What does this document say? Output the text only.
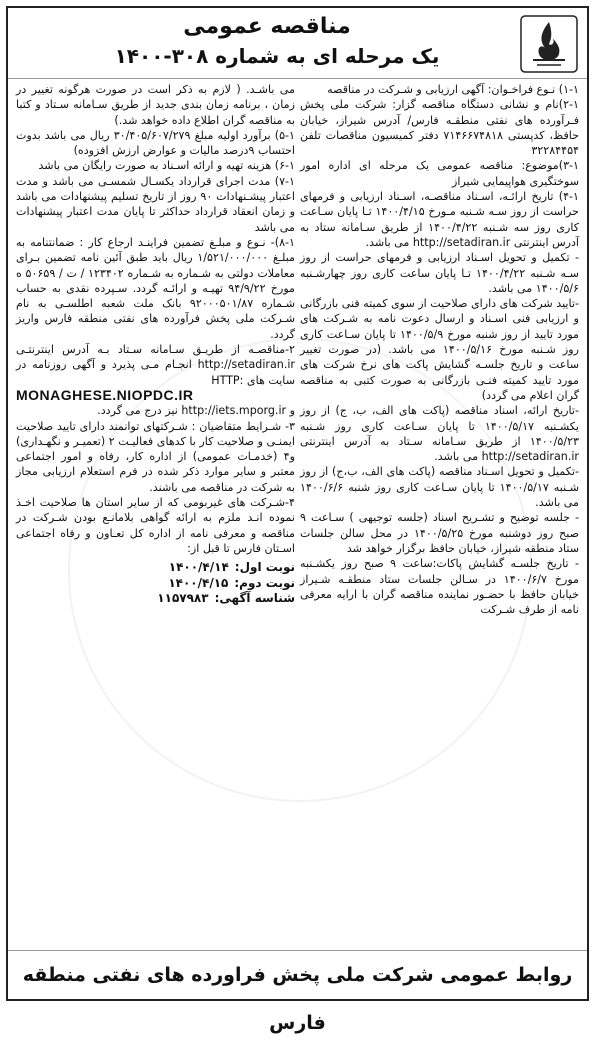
مناقصه عمومی
یک مرحله ای به شماره ۳۰۸-۱۴۰۰

۱-۱) نـوع فراخـوان: آگهی ارزیابی و شـرکت در مناقصه

۲-۱)نام و نشانی دستگاه مناقصه گزار: شرکت ملی پخش فـرآورده های نفتی منطقـه فارس/ آدرس شیراز، خیابان حافظ، کدپستی ۷۱۴۶۶۷۴۸۱۸ دفتر کمیسیون مناقصات تلفن ۳۲۲۸۴۴۵۴

۳-۱)موضوع: مناقصه عمومی یک مرحله ای اداره امور سوختگیری هواپیمایی شیراز

۴-۱) تاریخ ارائـه، اسـناد مناقصـه، اسـناد ارزیابی و فرمهای حراست از روز سـه شـنبه مـورخ ۱۴۰۰/۴/۱۵ تـا پایان سـاعت کاری روز سه شـنبه ۱۴۰۰/۴/۲۲ از طریق سـامانه ستاد به آدرس اینترنتی http://setadiran.ir می باشد.

- تکمیل و تحویل اسـناد ارزیابی و فرمهای حراست از روز سـه شـنبه ۱۴۰۰/۴/۲۲ تـا پایان ساعت کاری روز چهارشـنبه ۱۴۰۰/۵/۶ می باشد.

-تایید شرکت های دارای صلاحیت از سوی کمیته فنی بازرگانی و ارزیابی فنی اسـناد و ارسال دعوت نامه به شـرکت های مورد تایید از روز شنبه مورخ ۱۴۰۰/۵/۹ تا پایان سـاعت کاری روز شـنبه مورخ ۱۴۰۰/۵/۱۶ می باشد. (در صورت تغییر ساعت و تاریخ جلسـه گشایش پاکت های نرخ شرکت های مورد تایید کمیته فنـی بازرگانی به صورت کتبی به مناقصه گران اعلام می گردد)

-تاریخ ارائه، اسناد مناقصه (پاکت های الف، ب، ج) از روز یکشـنبه ۱۴۰۰/۵/۱۷ تا پایان سـاعت کاری روز شـنبه ۱۴۰۰/۵/۲۳ از طریق سـامانه سـتاد به آدرس اینترنتی http://setadiran.ir می باشد.

-تکمیل و تحویل اسـناد مناقصه (پاکت های الف، ب،ج) از روز شـنبه ۱۴۰۰/۵/۱۷ تا پایان سـاعت کاری روز شنبه ۱۴۰۰/۶/۶ می باشد.

- جلسه توضیح و تشـریح اسناد (جلسه توجیهی ) سـاعت ۹ صبح روز دوشنبه مورخ ۱۴۰۰/۵/۲۵ در محل سالن جلسات ستاد منطقه شیراز، خیابان حافظ برگزار خواهد شد

- تاریخ جلسـه گشایش پاکات:ساعت ۹ صبح روز یکشـنبه مورخ ۱۴۰۰/۶/۷ در سـالن جلسات ستاد منطقـه شـیراز خیابان حافظ با حضـور نماینده مناقصه گران با ارایه معرفی نامه از طرف شـرکت

می باشـد. ( لازم به ذکر است در صورت هرگونه تغییر در زمان ، برنامه زمان بندی جدید از طریق سـامانه سـتاد و کتبا به مناقصه گران اطلاع داده خواهد شد.)

۵-۱) برآورد اولیه مبلغ ۳۰/۴۰۵/۶۰۷/۲۷۹ ریال می باشد بدوت احتساب ۹درصد مالیات و عوارض ارزش افزوده)

۶-۱) هزینه تهیه و ارائه اسـناد به صورت رایگان می باشد

۷-۱) مدت اجرای قرارداد یکسـال شمسـی می باشد و مدت اعتبار پیشـنهادات ۹۰ روز از تاریخ تسلیم پیشنهادات می باشد و زمان انعقاد قرارداد حداکثر تا پایان مدت اعتبار پیشنهادات می باشد

۸-۱)- نـوع و مبلـغ تضمین فراینـد ارجاع کار : ضمانتنامه به مبلـغ ۱/۵۲۱/۰۰۰/۰۰۰ ریال باید طبق آئین نامه تضمین بـرای معاملات دولتی به شـماره به شـماره ۱۲۳۴۰۲ / ت / ۵۰۶۵۹ ه مورخ ۹۴/۹/۲۲ تهیـه و ارائـه گردد. سـپرده نقدی به حساب شـماره ۹۲۰۰۰۵۰۱/۸۷ بانک ملت شعبه اطلسـی به نام شـرکت ملی پخش فرآورده های نفتی منطقه فارس واریز گردد.

۲-مناقصـه از طریـق سـامانه سـتاد بـه آدرس اینترنتـی http://setadiran.ir انجـام مـی پذیرد و آگهی روزنامه در سایت های :HTTP

MONAGHESE.NIOPDC.IR

و http://iets.mporg.ir نیز درج می گردد.

۳- شـرایط متقاضیان : شـرکتهای توانمند دارای تایید صلاحیت ایمنـی و صلاحیت کار با کدهای فعالیـت ۲ (تعمیـر و نگهـداری) و۴ (خدمـات عمومی) از اداره کار، رفاه و امور اجتماعی معتبر و سایر موارد ذکر شده در فرم استعلام ارزیابی مجاز به شرکت در مناقصه می باشند.

۴-شـرکت های غیربومی که از سایر استان ها صلاحیت اخـذ نموده انـد ملزم به ارائه گواهی بلامانـع بودن شـرکت در مناقصه و معرفی نامه از اداره کل تعـاون و رفاه اجتماعی اسـتان فارس تا قبل از:

نوبت اول:
۱۴۰۰/۴/۱۴
نوبت دوم:
۱۴۰۰/۴/۱۵
شناسه آگهی:
۱۱۵۷۹۸۳
روابط عمومی شرکت ملی پخش فراورده های نفتی منطقه فارس
